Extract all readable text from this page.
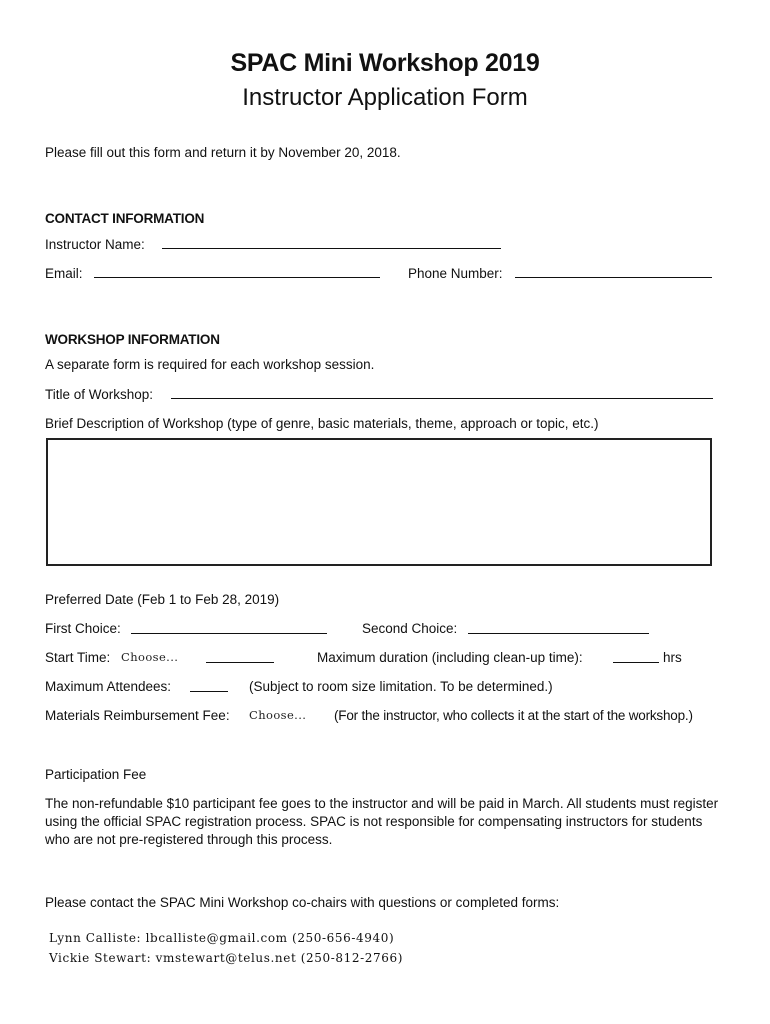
SPAC Mini Workshop 2019
Instructor Application Form
Please fill out this form and return it by November 20, 2018.
CONTACT INFORMATION
Instructor Name:
Email:	Phone Number:
WORKSHOP INFORMATION
A separate form is required for each workshop session.
Title of Workshop:
Brief Description of Workshop (type of genre, basic materials, theme, approach or topic, etc.)
Preferred Date (Feb 1 to Feb 28, 2019)
First Choice:	Second Choice:
Start Time: Choose...	Maximum duration (including clean-up time):	hrs
Maximum Attendees:	(Subject to room size limitation. To be determined.)
Materials Reimbursement Fee: Choose... (For the instructor, who collects it at the start of the workshop.)
Participation Fee
The non-refundable $10 participant fee goes to the instructor and will be paid in March. All students must register using the official SPAC registration process. SPAC is not responsible for compensating instructors for students who are not pre-registered through this process.
Please contact the SPAC Mini Workshop co-chairs with questions or completed forms:
Lynn Calliste: lbcalliste@gmail.com (250-656-4940)
Vickie Stewart: vmstewart@telus.net (250-812-2766)
